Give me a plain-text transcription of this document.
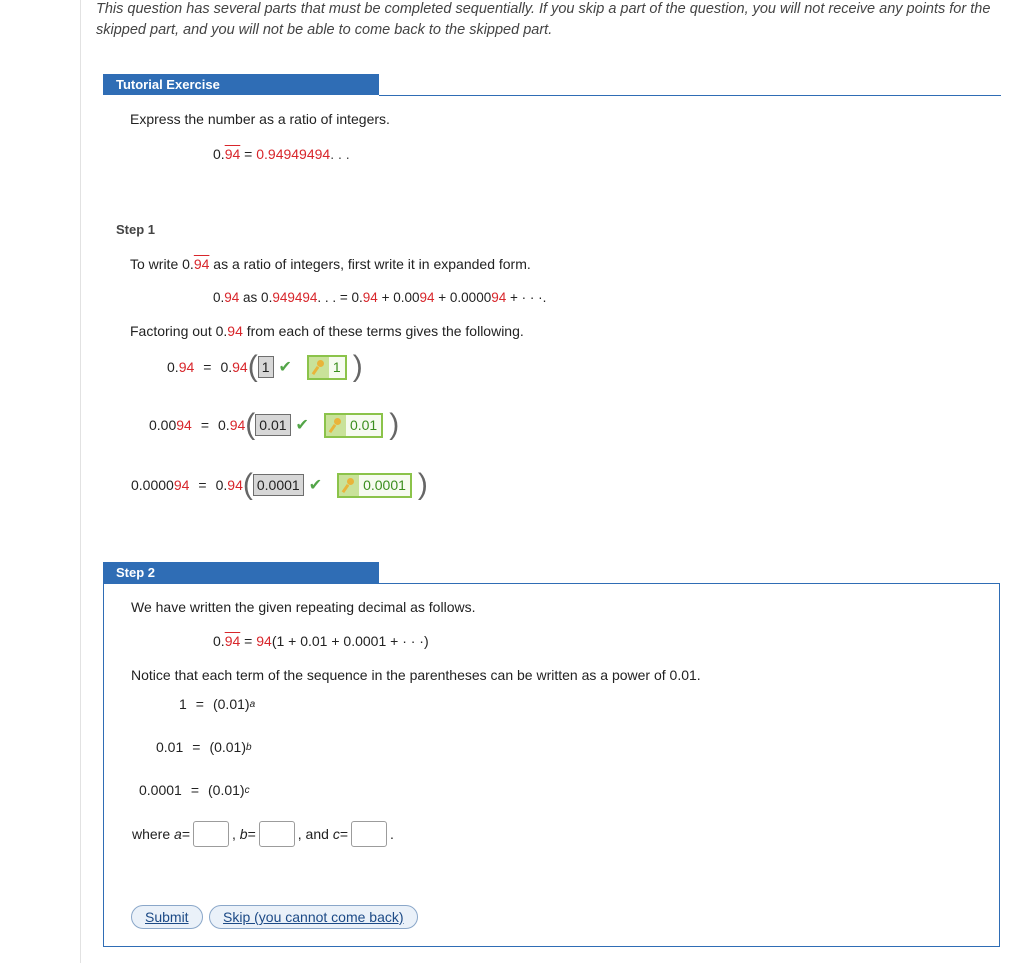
This question has several parts that must be completed sequentially. If you skip a part of the question, you will not receive any points for the skipped part, and you will not be able to come back to the skipped part.
Tutorial Exercise
Express the number as a ratio of integers.
0.94 = 0.94949494. . .
Step 1
To write 0.94 as a ratio of integers, first write it in expanded form.
0.94 as 0.949494. . . = 0.94 + 0.0094 + 0.000094 + · · ·.
Factoring out 0.94 from each of these terms gives the following.
0.94 = 0.94 ( 1 ✔	1 )
0.0094 = 0.94 ( 0.01 ✔	0.01 )
0.000094 = 0.94 ( 0.0001 ✔	0.0001 )
Step 2
We have written the given repeating decimal as follows.
0.94 = 94(1 + 0.01 + 0.0001 + · · ·)
Notice that each term of the sequence in the parentheses can be written as a power of 0.01.
1 = (0.01) a
0.01 = (0.01) b
0.0001 = (0.01) c
where
a =	,
b =	, and
c =	.
Submit	Skip (you cannot come back)
